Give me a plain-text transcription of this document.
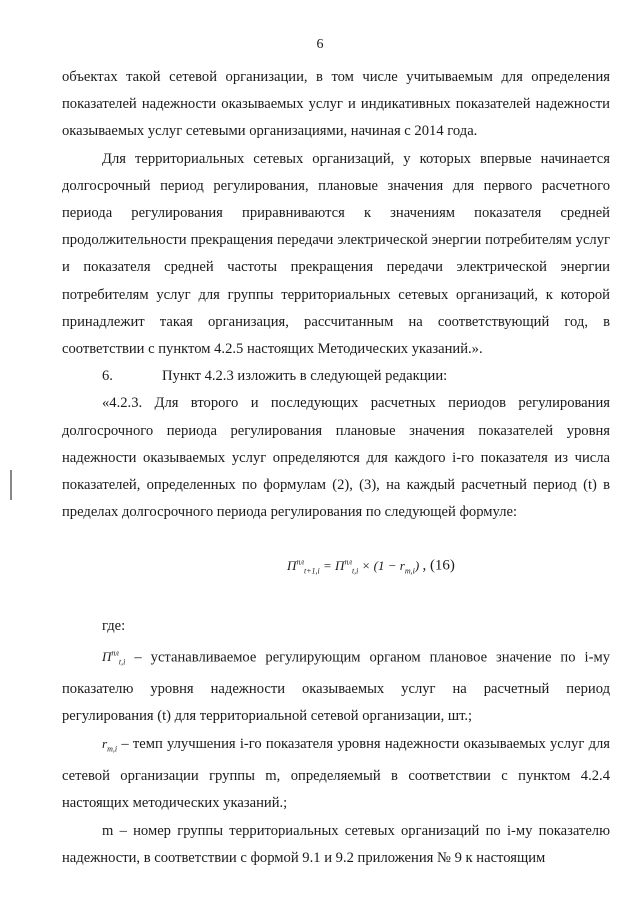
6

объектах такой сетевой организации, в том числе учитываемым для определения показателей надежности оказываемых услуг и индикативных показателей надежности оказываемых услуг сетевыми организациями, начиная с 2014 года.

Для территориальных сетевых организаций, у которых впервые начинается долгосрочный период регулирования, плановые значения для первого расчетного периода регулирования приравниваются к значениям показателя средней продолжительности прекращения передачи электрической энергии потребителям услуг и показателя средней частоты прекращения передачи электрической энергии потребителям услуг для группы территориальных сетевых организаций, к которой принадлежит такая организация, рассчитанным на соответствующий год, в соответствии с пунктом 4.2.5 настоящих Методических указаний.».

6.	Пункт 4.2.3 изложить в следующей редакции:

«4.2.3. Для второго и последующих расчетных периодов регулирования долгосрочного периода регулирования плановые значения показателей уровня надежности оказываемых услуг определяются для каждого i-го показателя из числа показателей, определенных по формулам (2), (3), на каждый расчетный период (t) в пределах долгосрочного периода регулирования по следующей формуле:

$П^{пл}_{t+1,i} = П^{пл}_{t,i} \times (1 - r_{m,i})$ , (16)

где:

$П^{пл}_{t,i}$ – устанавливаемое регулирующим органом плановое значение по i-му показателю уровня надежности оказываемых услуг на расчетный период регулирования (t) для территориальной сетевой организации, шт.;

$r_{m,i}$ – темп улучшения i-го показателя уровня надежности оказываемых услуг для сетевой организации группы m, определяемый в соответствии с пунктом 4.2.4 настоящих методических указаний.;

m – номер группы территориальных сетевых организаций по i-му показателю надежности, в соответствии с формой 9.1 и 9.2 приложения № 9 к настоящим
